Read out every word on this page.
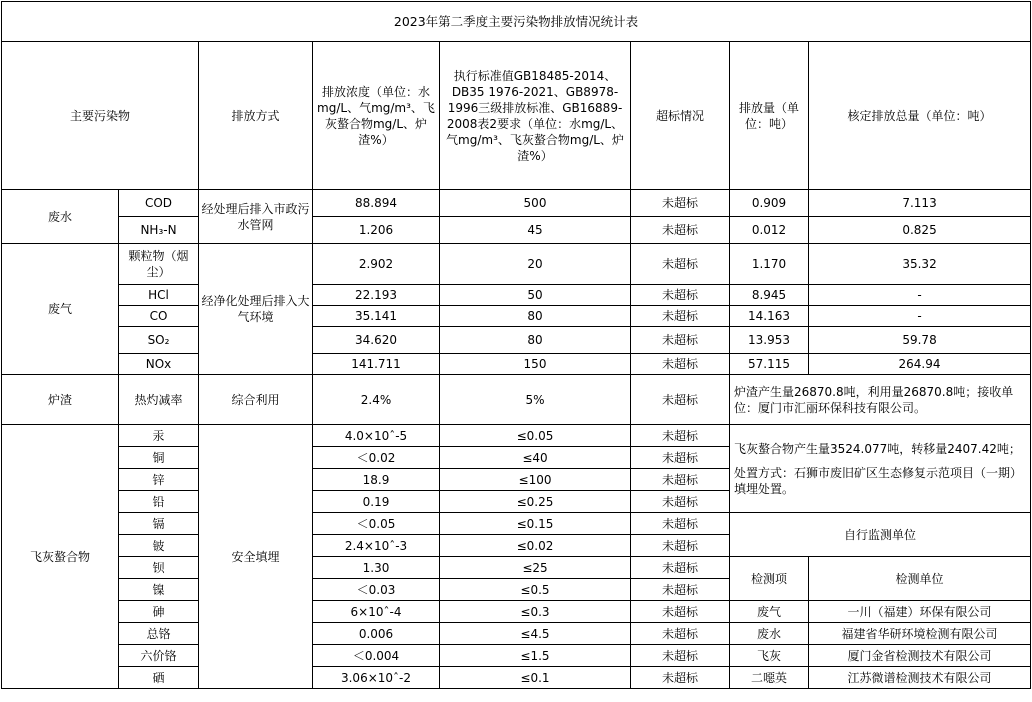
2023年第二季度主要污染物排放情况统计表							
主要污染物		排放方式	排放浓度（单位：水mg/L、气mg/m³、飞灰螯合物mg/L、炉渣%）	执行标准值GB18485-2014、DB35 1976-2021、GB8978-1996三级排放标准、GB16889-2008表2要求（单位：水mg/L、气mg/m³、飞灰螯合物mg/L、炉渣%）	超标情况	排放量（单位：吨）	核定排放总量（单位：吨）
废水	COD	经处理后排入市政污水管网	88.894	500	未超标	0.909	7.113
	NH₃-N		1.206	45	未超标	0.012	0.825
废气	颗粒物（烟尘）	经净化处理后排入大气环境	2.902	20	未超标	1.170	35.32
	HCl		22.193	50	未超标	8.945	-
	CO		35.141	80	未超标	14.163	-
	SO₂		34.620	80	未超标	13.953	59.78
	NOx		141.711	150	未超标	57.115	264.94
炉渣	热灼减率	综合利用	2.4%	5%	未超标	炉渣产生量26870.8吨，利用量26870.8吨；接收单位：厦门市汇丽环保科技有限公司。	
飞灰螯合物	汞	安全填埋	4.0×10ˆ-5	≤0.05	未超标	飞灰螯合物产生量3524.077吨，转移量2407.42吨；
处置方式：石狮市废旧矿区生态修复示范项目（一期）填埋处置。	

	铜		＜0.02	≤40	未超标		
	锌		18.9	≤100	未超标		
	铅		0.19	≤0.25	未超标		
	镉		＜0.05	≤0.15	未超标	自行监测单位	
	铍		2.4×10ˆ-3	≤0.02	未超标		
	钡		1.30	≤25	未超标	检测项	检测单位
	镍		＜0.03	≤0.5	未超标		
	砷		6×10ˆ-4	≤0.3	未超标	废气	一川（福建）环保有限公司
	总铬		0.006	≤4.5	未超标	废水	福建省华研环境检测有限公司
	六价铬		＜0.004	≤1.5	未超标	飞灰	厦门金省检测技术有限公司
	硒		3.06×10ˆ-2	≤0.1	未超标	二噁英	江苏微谱检测技术有限公司
